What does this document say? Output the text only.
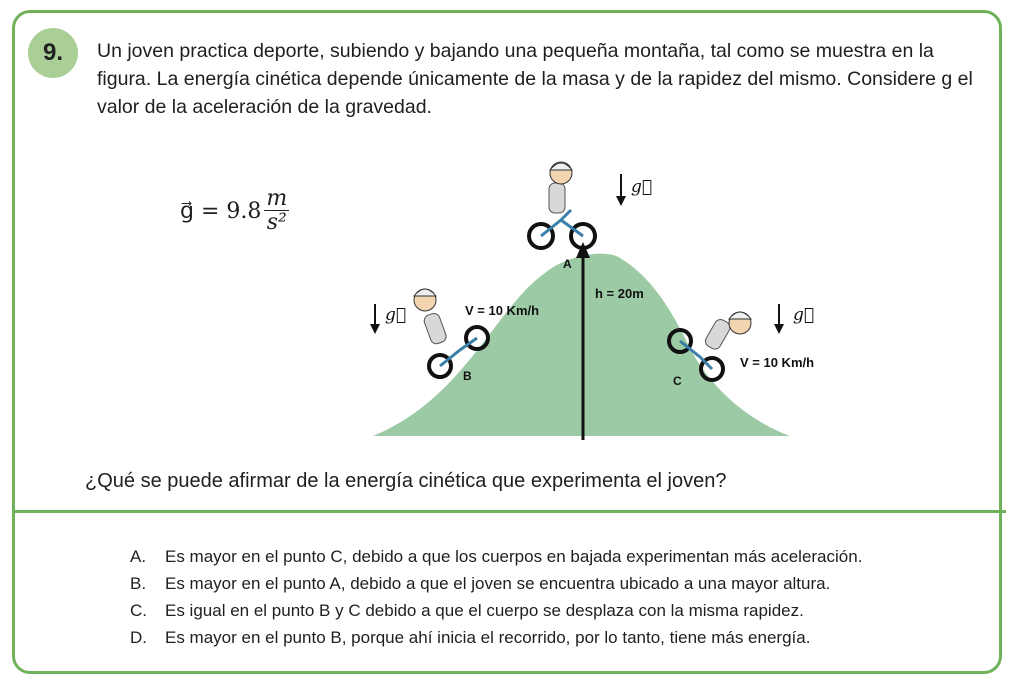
9. Un joven practica deporte, subiendo y bajando una pequeña montaña, tal como se muestra en la figura. La energía cinética depende únicamente de la masa y de la rapidez del mismo. Considere g el valor de la aceleración de la gravedad.
g⃗ = $9.8 \frac{m}{\text{s²}}$
h = 20m
A
B
V = 10 Km/h
C
V = 10 Km/h
g⃗
g⃗	g⃗
¿Qué se puede afirmar de la energía cinética que experimenta el joven?
A.	Es mayor en el punto C, debido a que los cuerpos en bajada experimentan más aceleración.
B.	Es mayor en el punto A, debido a que el joven se encuentra ubicado a una mayor altura.
C.	Es igual en el punto B y C debido a que el cuerpo se desplaza con la misma rapidez.
D.	Es mayor en el punto B, porque ahí inicia el recorrido, por lo tanto, tiene más energía.
